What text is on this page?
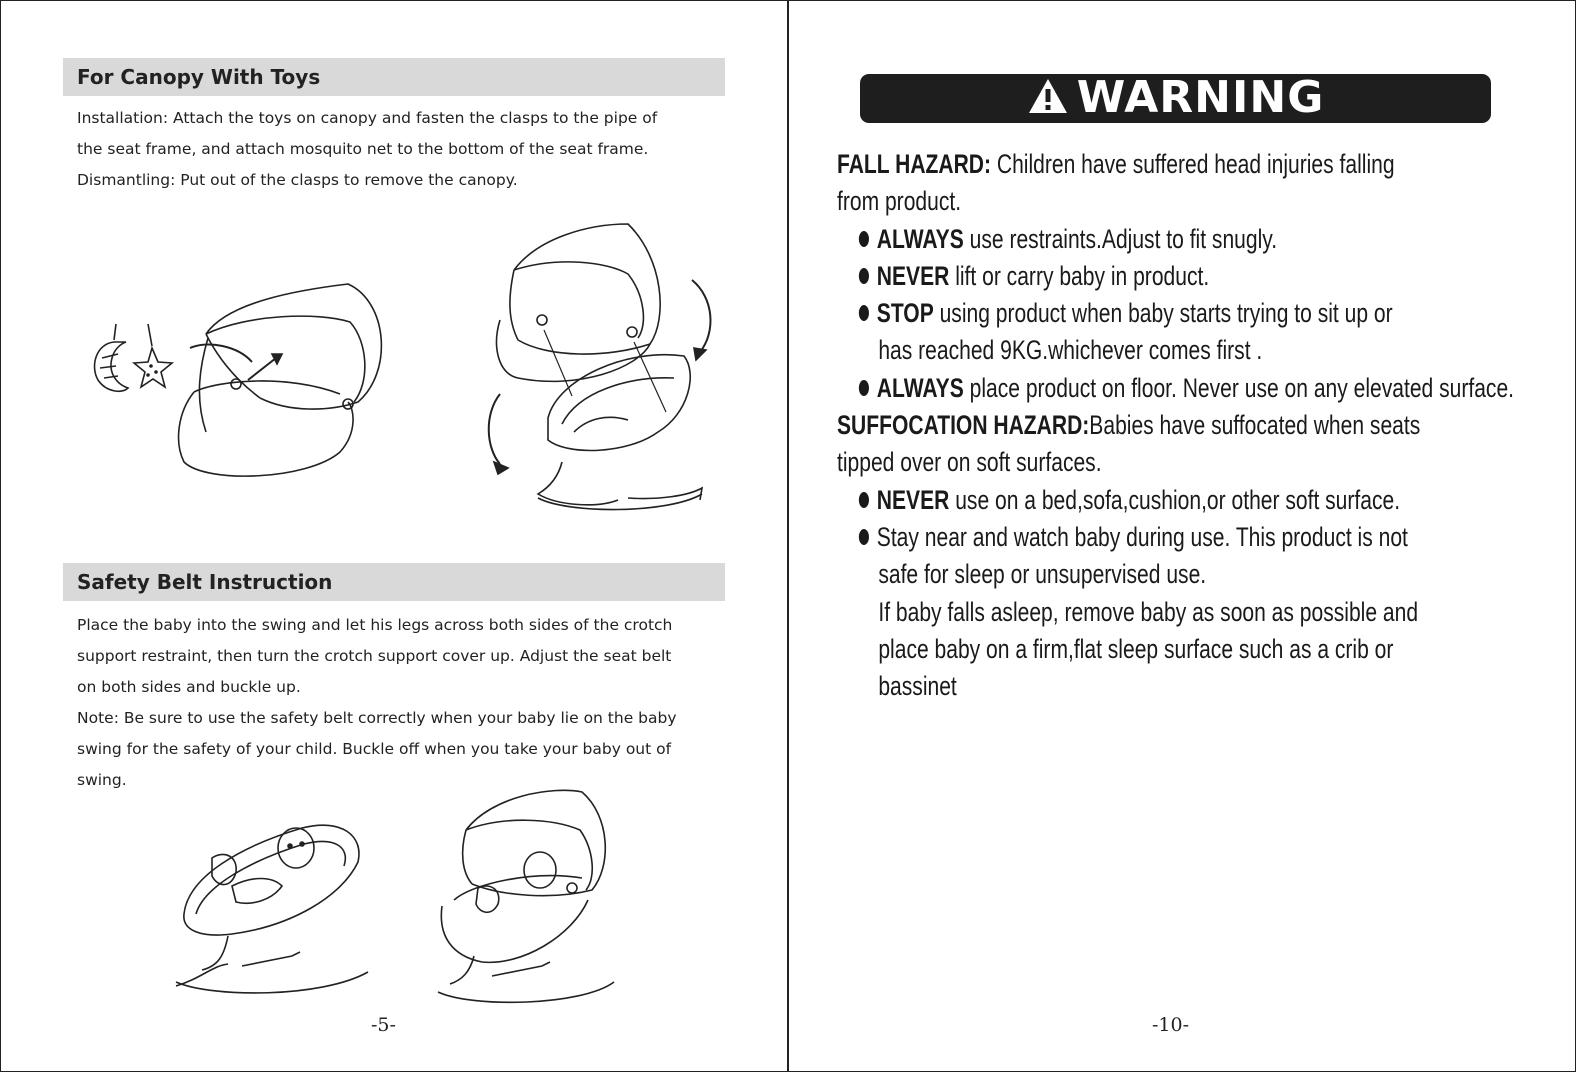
For Canopy With Toys

Installation: Attach the toys on canopy and fasten the clasps to the pipe of

the seat frame, and attach mosquito net to the bottom of the seat frame.

Dismantling: Put out of the clasps to remove the canopy.

Safety Belt Instruction

Place the baby into the swing and let his legs across both sides of the crotch

support restraint, then turn the crotch support cover up. Adjust the seat belt

on both sides and buckle up.

Note: Be sure to use the safety belt correctly when your baby lie on the baby

swing for the safety of your child. Buckle off when you take your baby out of

swing.

-5-
WARNING
FALL HAZARD: Children have suffered head injuries falling
from product.
ALWAYS use restraints.Adjust to fit snugly.
NEVER lift or carry baby in product.
STOP using product when baby starts trying to sit up or
has reached 9KG.whichever comes first .
ALWAYS place product on floor. Never use on any elevated surface.
SUFFOCATION HAZARD:Babies have suffocated when seats
tipped over on soft surfaces.
NEVER use on a bed,sofa,cushion,or other soft surface.
Stay near and watch baby during use. This product is not
safe for sleep or unsupervised use.
If baby falls asleep, remove baby as soon as possible and
place baby on a firm,flat sleep surface such as a crib or
bassinet
-10-
